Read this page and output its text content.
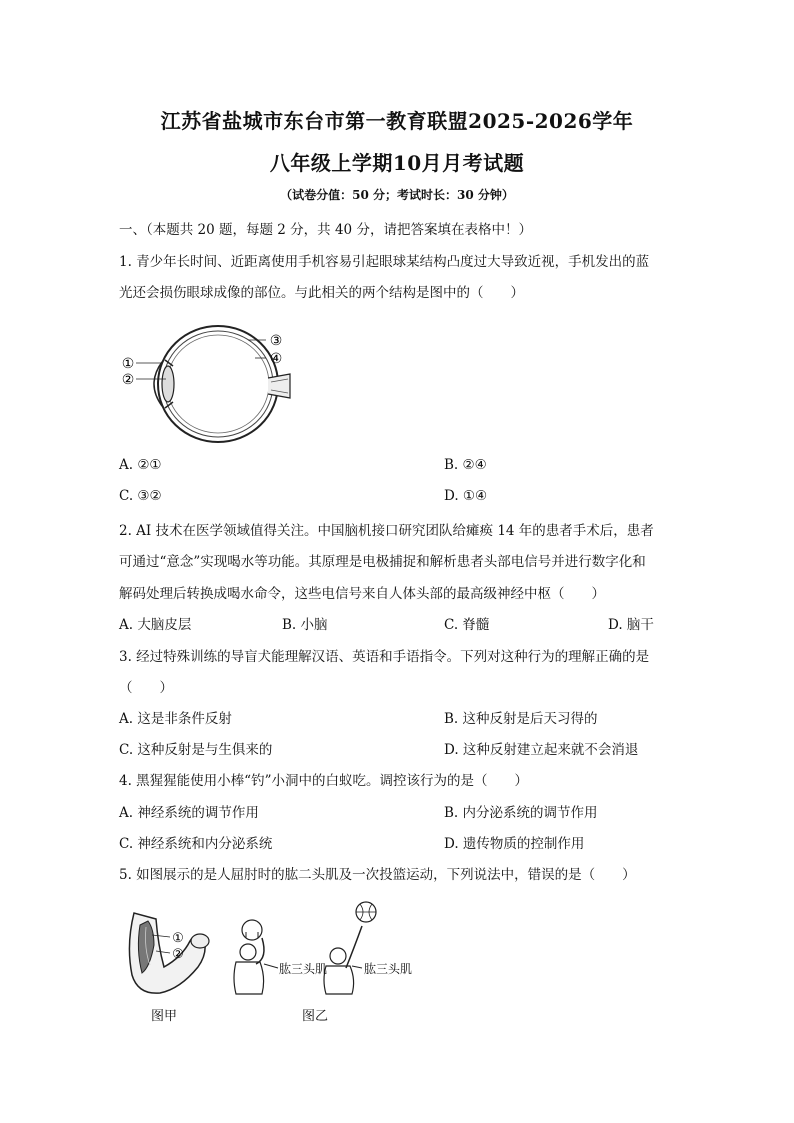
江苏省盐城市东台市第一教育联盟2025-2026学年
八年级上学期10月月考试题
（试卷分值：50 分；考试时长：30 分钟）
一、（本题共 20 题，每题 2 分，共 40 分，请把答案填在表格中！）
1. 青少年长时间、近距离使用手机容易引起眼球某结构凸度过大导致近视，手机发出的蓝
光还会损伤眼球成像的部位。与此相关的两个结构是图中的（　　）
①
②
③
④
A. ②①	B. ②④
C. ③②	D. ①④
2. AI 技术在医学领域值得关注。中国脑机接口研究团队给瘫痪 14 年的患者手术后，患者
可通过“意念”实现喝水等功能。其原理是电极捕捉和解析患者头部电信号并进行数字化和
解码处理后转换成喝水命令，这些电信号来自人体头部的最高级神经中枢（　　）
A. 大脑皮层	B. 小脑	C. 脊髓	D. 脑干
3. 经过特殊训练的导盲犬能理解汉语、英语和手语指令。下列对这种行为的理解正确的是
（　　）
A. 这是非条件反射	B. 这种反射是后天习得的
C. 这种反射是与生俱来的	D. 这种反射建立起来就不会消退
4. 黑猩猩能使用小棒“钓”小洞中的白蚁吃。调控该行为的是（　　）
A. 神经系统的调节作用	B. 内分泌系统的调节作用
C. 神经系统和内分泌系统	D. 遗传物质的控制作用
5. 如图展示的是人屈肘时的肱二头肌及一次投篮运动，下列说法中，错误的是（　　）
①
②
肱三头肌	肱三头肌
图甲	图乙
